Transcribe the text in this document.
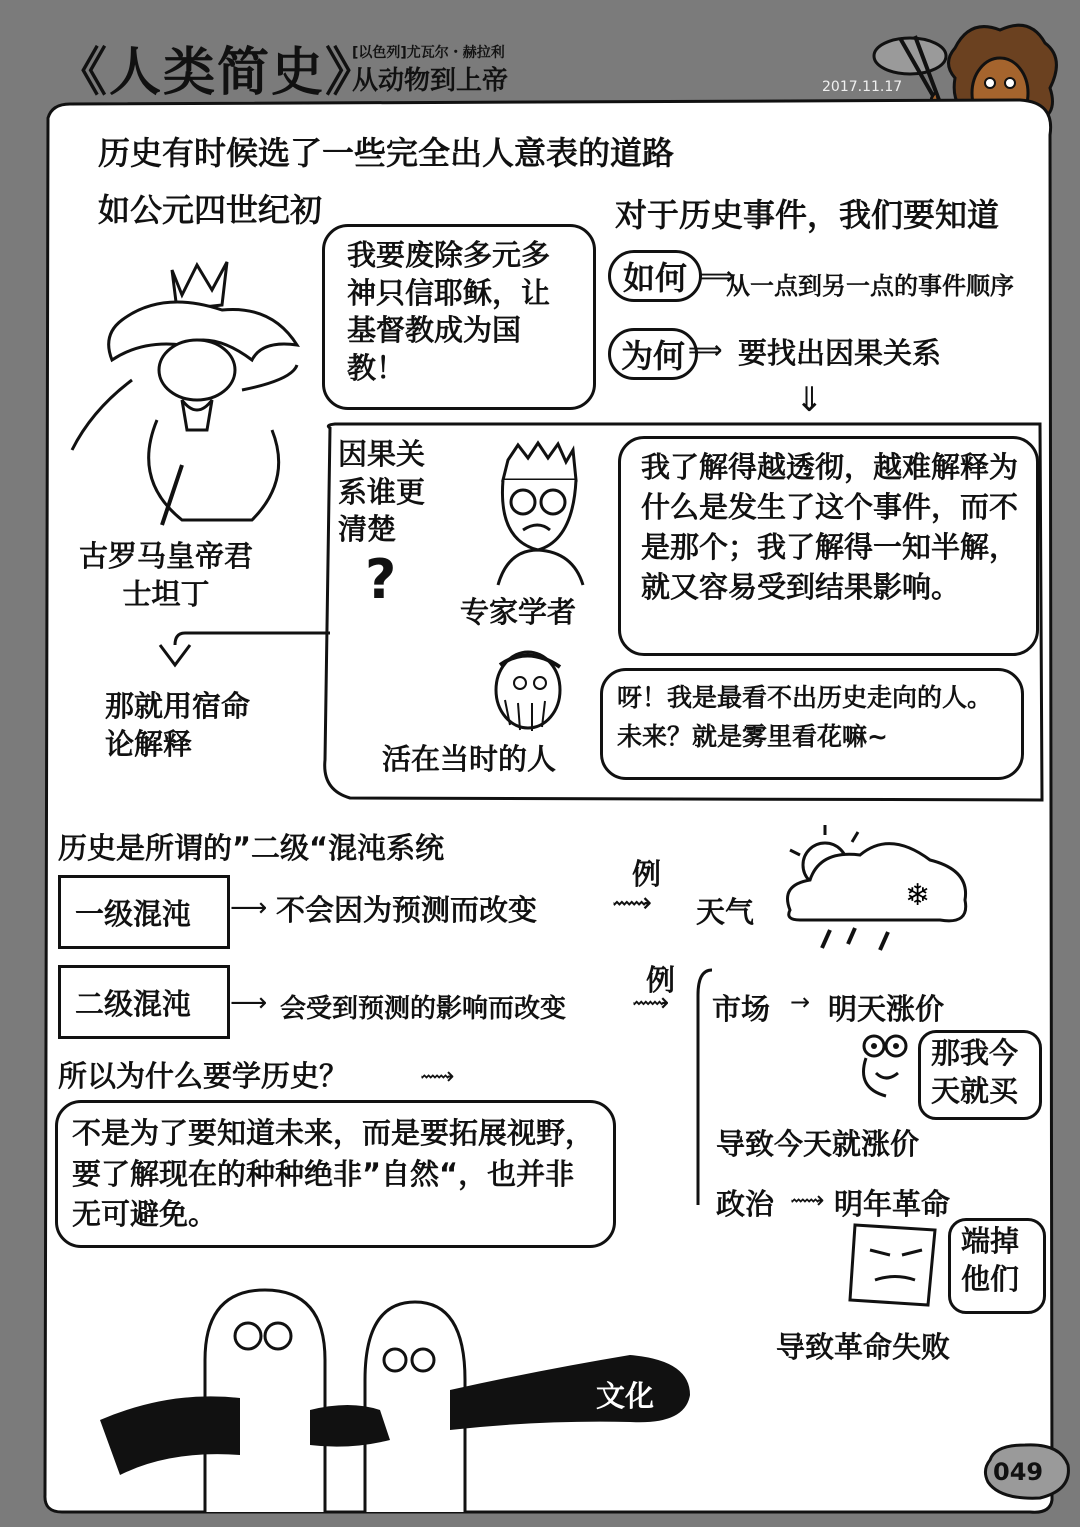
《人类简史》
[以色列]尤瓦尔・赫拉利
从动物到上帝	2017.11.17
历史有时候选了一些完全出人意表的道路
如公元四世纪初
我要废除多元多神只信耶稣，让基督教成为国教！
古罗马皇帝君士坦丁
那就用宿命论解释
对于历史事件，我们要知道
如何 ⟹
从一点到另一点的事件顺序
为何 ⟹ 要找出因果关系
⇓
因果关系谁更清楚
?
专家学者
我了解得越透彻，越难解释为什么是发生了这个事件，而不是那个；我了解得一知半解，就又容易受到结果影响。
活在当时的人
呀！我是最看不出历史走向的人。未来？就是雾里看花嘛~
历史是所谓的”二级“混沌系统
一级混沌 ⟶ 不会因为预测而改变
例
⟿ 天气	❄
二级混沌 ⟶ 会受到预测的影响而改变
例
⟿ 市场 → 明天涨价
那我今天就买
导致今天就涨价
政治 ⟿ 明年革命
端掉他们
导致革命失败
所以为什么要学历史？	⟿
不是为了要知道未来，而是要拓展视野，要了解现在的种种绝非”自然“，也并非无可避免。
文化
049
